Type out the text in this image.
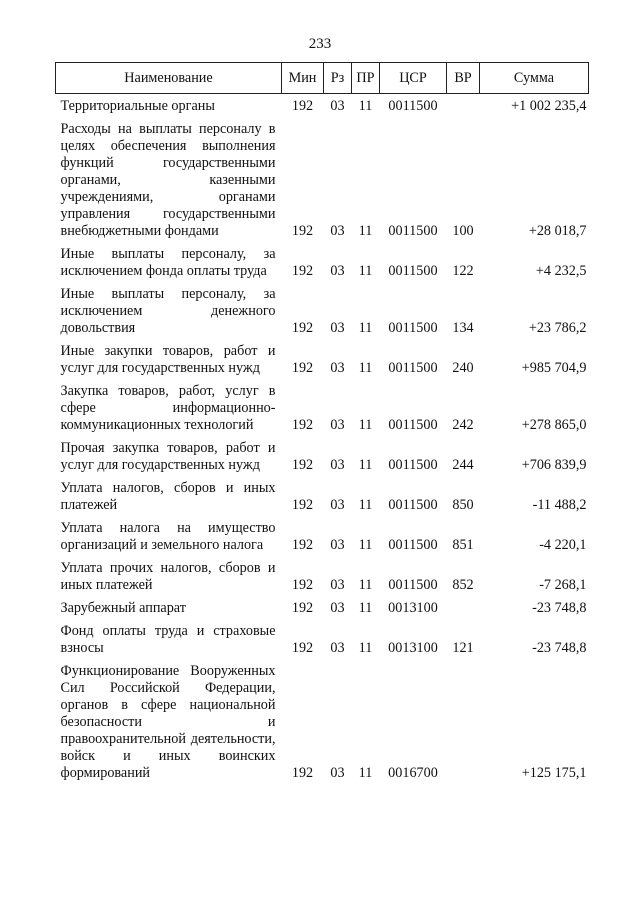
233
Наименование	Мин	Рз	ПР	ЦСР	ВР	Сумма
Территориальные органы	192	03	11	0011500		+1 002 235,4
Расходы на выплаты персоналу в целях обеспечения выполнения функций государственными органами, казенными учреждениями, органами управления государственными внебюджетными фондами	192	03	11	0011500	100	+28 018,7
Иные выплаты персоналу, за исключением фонда оплаты труда	192	03	11	0011500	122	+4 232,5
Иные выплаты персоналу, за исключением денежного довольствия	192	03	11	0011500	134	+23 786,2
Иные закупки товаров, работ и услуг для государственных нужд	192	03	11	0011500	240	+985 704,9
Закупка товаров, работ, услуг в сфере информационно-коммуникационных технологий	192	03	11	0011500	242	+278 865,0
Прочая закупка товаров, работ и услуг для государственных нужд	192	03	11	0011500	244	+706 839,9
Уплата налогов, сборов и иных платежей	192	03	11	0011500	850	-11 488,2
Уплата налога на имущество организаций и земельного налога	192	03	11	0011500	851	-4 220,1
Уплата прочих налогов, сборов и иных платежей	192	03	11	0011500	852	-7 268,1
Зарубежный аппарат	192	03	11	0013100		-23 748,8
Фонд оплаты труда и страховые взносы	192	03	11	0013100	121	-23 748,8
Функционирование Вооруженных Сил Российской Федерации, органов в сфере национальной безопасности и правоохранительной деятельности, войск и иных воинских формирований	192	03	11	0016700		+125 175,1
